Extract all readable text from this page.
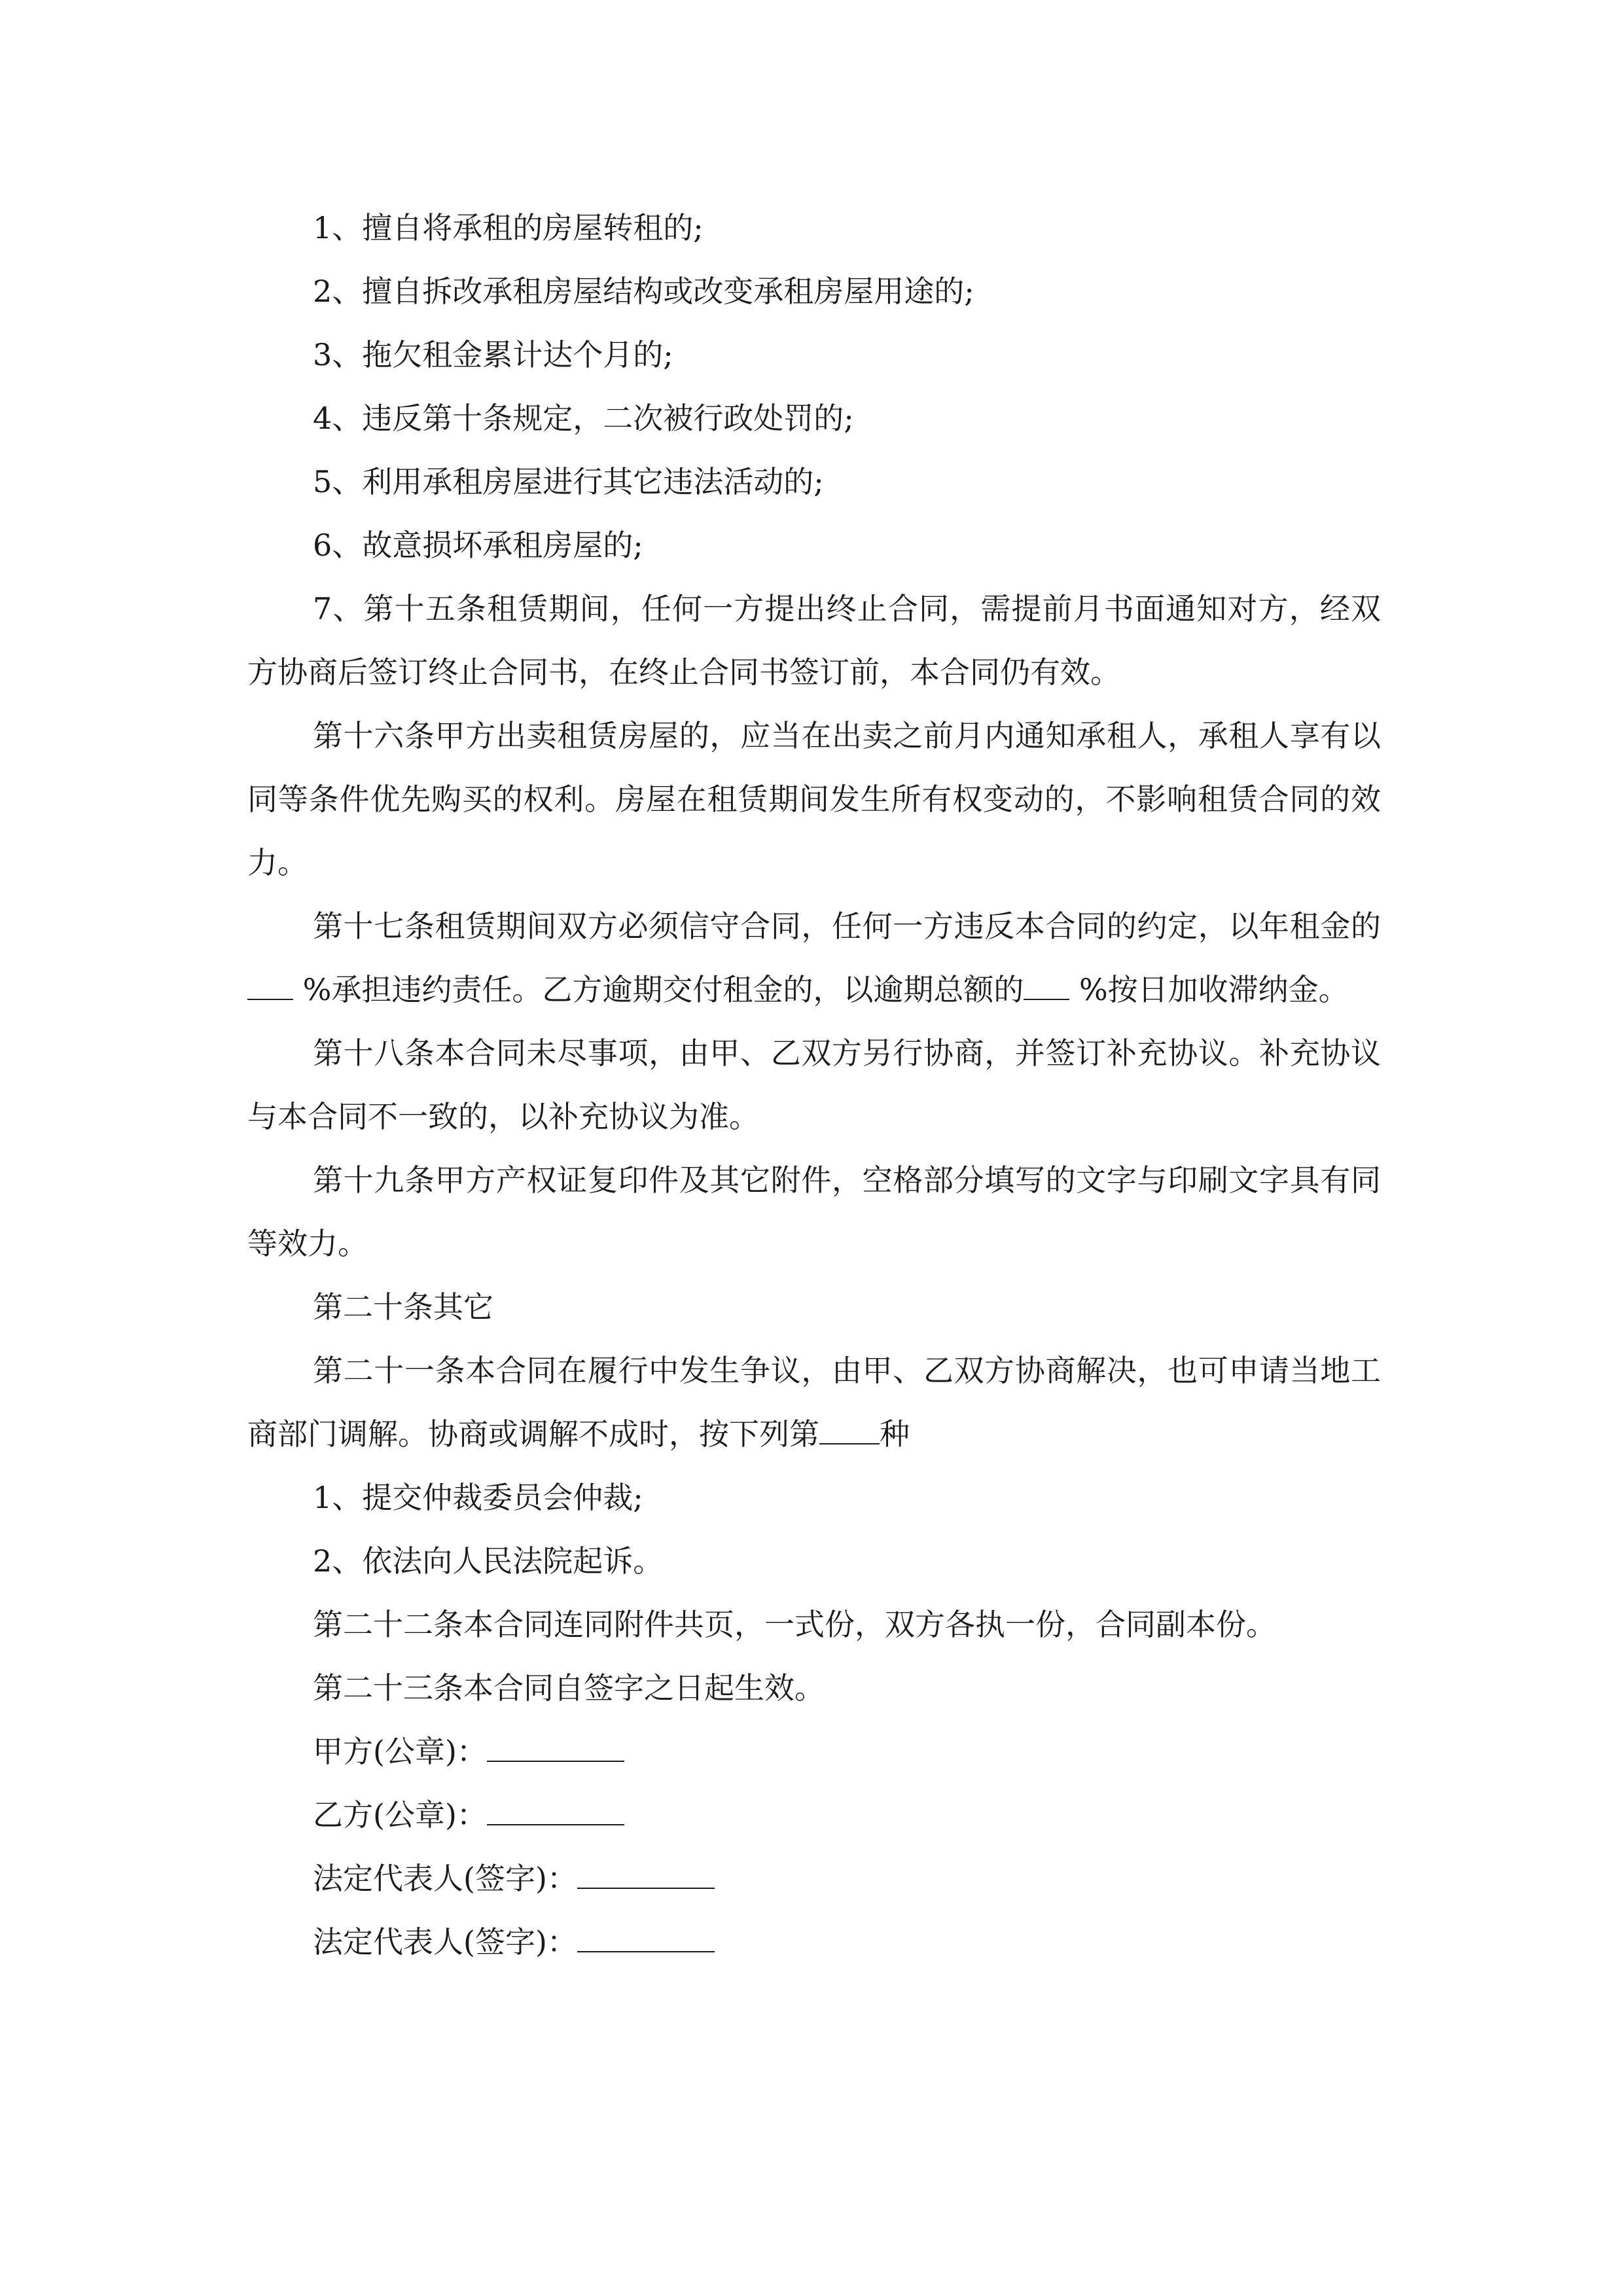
1、擅自将承租的房屋转租的;

2、擅自拆改承租房屋结构或改变承租房屋用途的;

3、拖欠租金累计达个月的;

4、违反第十条规定，二次被行政处罚的;

5、利用承租房屋进行其它违法活动的;

6、故意损坏承租房屋的;

7、第十五条租赁期间，任何一方提出终止合同，需提前月书面通知对方，经双方协商后签订终止合同书，在终止合同书签订前，本合同仍有效。

第十六条甲方出卖租赁房屋的，应当在出卖之前月内通知承租人，承租人享有以同等条件优先购买的权利。房屋在租赁期间发生所有权变动的，不影响租赁合同的效力。

第十七条租赁期间双方必须信守合同，任何一方违反本合同的约定，以年租金的 %承担违约责任。乙方逾期交付租金的，以逾期总额的 %按日加收滞纳金。

第十八条本合同未尽事项，由甲、乙双方另行协商，并签订补充协议。补充协议与本合同不一致的，以补充协议为准。

第十九条甲方产权证复印件及其它附件，空格部分填写的文字与印刷文字具有同等效力。

第二十条其它

第二十一条本合同在履行中发生争议，由甲、乙双方协商解决，也可申请当地工商部门调解。协商或调解不成时，按下列第 种

1、提交仲裁委员会仲裁;

2、依法向人民法院起诉。

第二十二条本合同连同附件共页，一式份，双方各执一份，合同副本份。

第二十三条本合同自签字之日起生效。

甲方(公章)：

乙方(公章)：

法定代表人(签字)：

法定代表人(签字)：
